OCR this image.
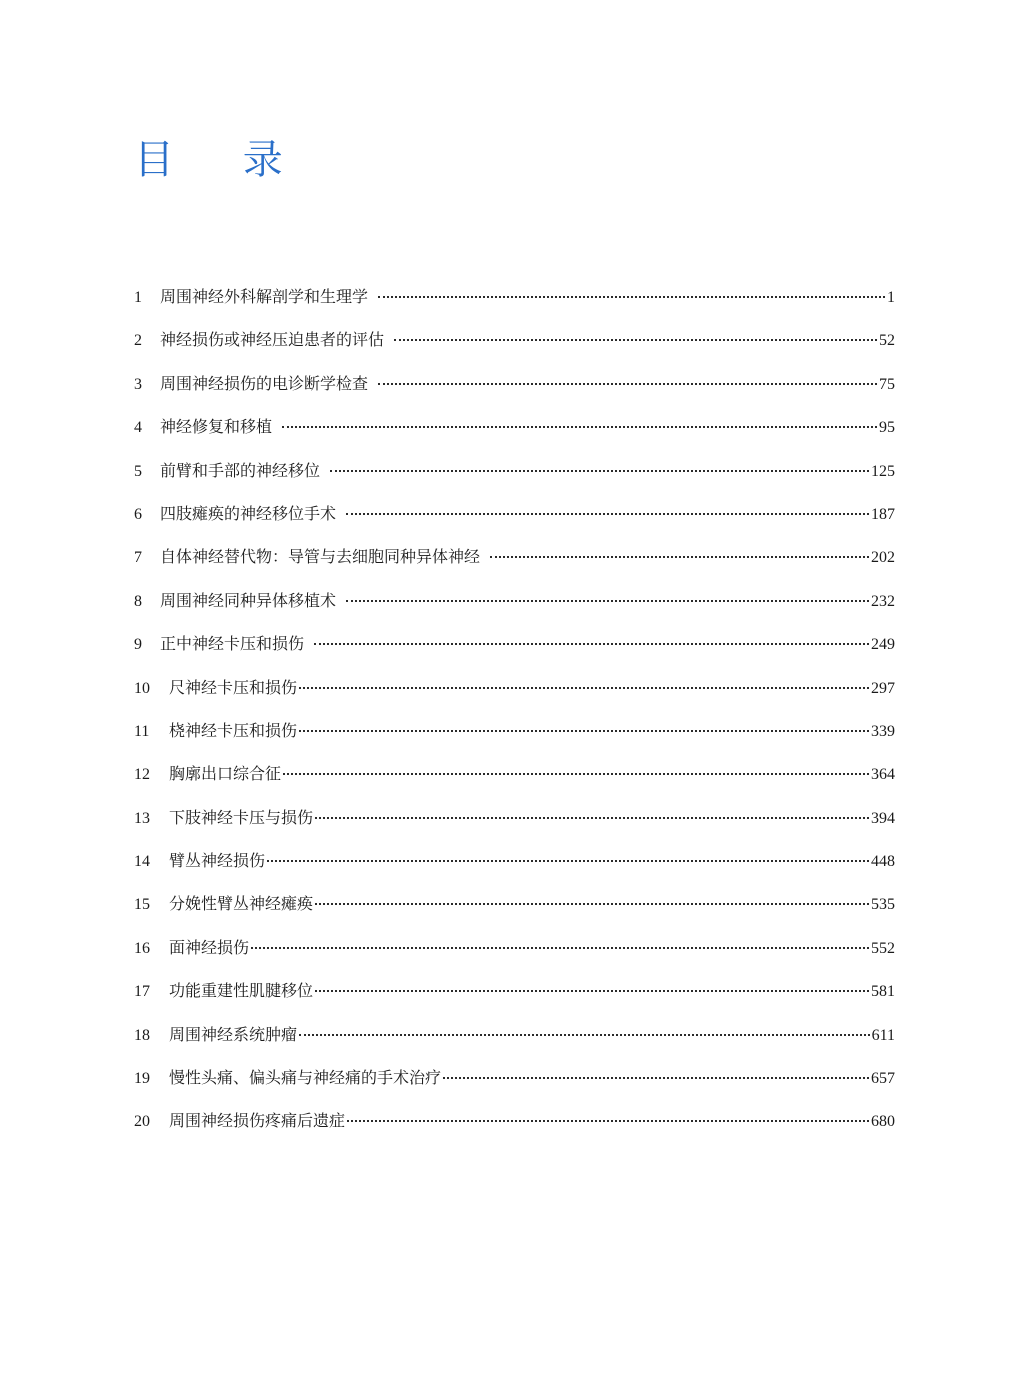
目 录
1	周围神经外科解剖学和生理学	1
2	神经损伤或神经压迫患者的评估	52
3	周围神经损伤的电诊断学检查	75
4	神经修复和移植	95
5	前臂和手部的神经移位	125
6	四肢瘫痪的神经移位手术	187
7	自体神经替代物：导管与去细胞同种异体神经	202
8	周围神经同种异体移植术	232
9	正中神经卡压和损伤	249
10	尺神经卡压和损伤	297
11	桡神经卡压和损伤	339
12	胸廓出口综合征	364
13	下肢神经卡压与损伤	394
14	臂丛神经损伤	448
15	分娩性臂丛神经瘫痪	535
16	面神经损伤	552
17	功能重建性肌腱移位	581
18	周围神经系统肿瘤	611
19	慢性头痛、偏头痛与神经痛的手术治疗	657
20	周围神经损伤疼痛后遗症	680
